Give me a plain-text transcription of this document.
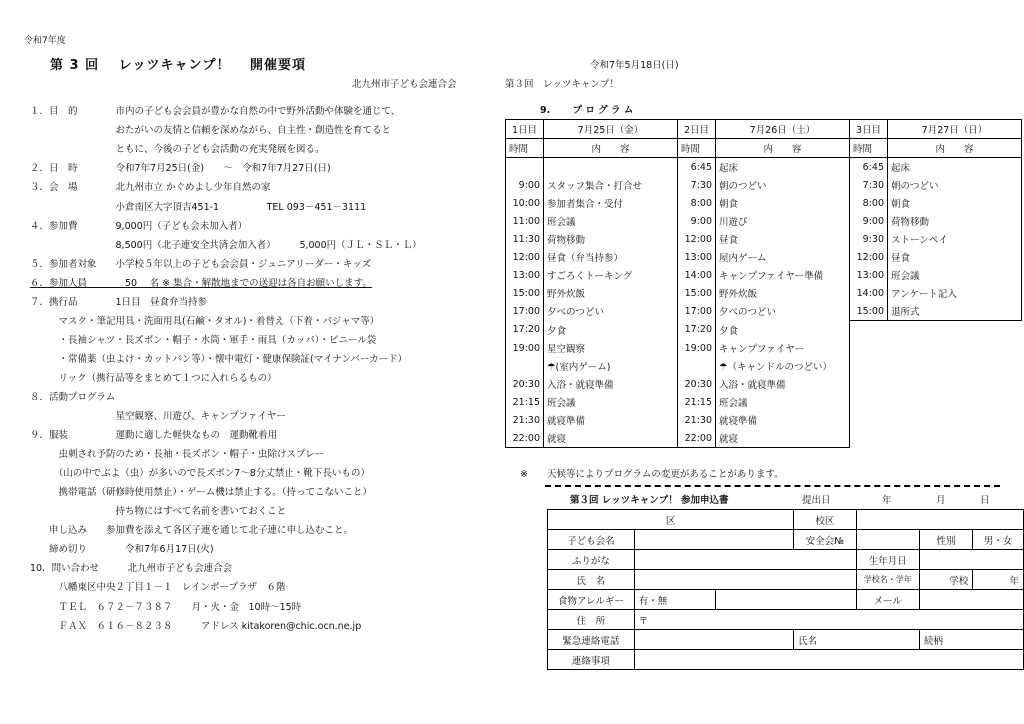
令和7年度
第 3 回　 レッツキャンプ！　 開催要項	令和7年5月18日(日)
北九州市子ども会連合会	第３回　レッツキャンプ！
１．目　的　　　　市内の子ども会会員が豊かな自然の中で野外活動や体験を通じて、
　　　　　　　　　おたがいの友情と信頼を深めながら、自主性・創造性を育てると
　　　　　　　　　ともに、今後の子ども会活動の充実発展を図る。
２．日　時　　　　令和7年7月25日(金)　　～　令和7年7月27日(日)
３．会　場　　　　北九州市立 かぐめよし少年自然の家
　　　　　　　　　小倉南区大字頂吉451-1　　　　　TEL 093－451－3111
４．参加費　　　　9,000円（子ども会未加入者）
　　　　　　　　　8,500円（北子連安全共済会加入者）　　　5,000円（ＪＬ・ＳＬ・Ｌ）
５．参加者対象　　小学校５年以上の子ども会会員・ジュニアリーダー・キッズ
６．参加人員　　　　50　 名 ※ 集合・解散地までの送迎は各自お願いします。
７．携行品　　　　1日目　昼食弁当持参
　　　マスク・筆記用具・洗面用具(石鹸・タオル)・着替え（下着・パジャマ等）
　　　・長袖シャツ・長ズボン・帽子・水筒・軍手・雨具（カッパ）・ビニール袋
　　　・常備薬（虫よけ・カットバン等）・懐中電灯・健康保険証(マイナンバーカード）
　　　リック（携行品等をまとめて１つに入れらるもの）
８．活動プログラム
　　　　　　　　　星空観察、川遊び、キャンプファイヤー
９．服装　　　　　運動に適した軽快なもの　運動靴着用
　　　虫刺され予防のため・長袖・長ズボン・帽子・虫除けスプレー
　　　（山の中でぶよ（虫）が多いので長ズボン7～8分丈禁止・靴下長いもの）
　　　携帯電話（研修時使用禁止）・ゲーム機は禁止する。（持ってこないこと）
　　　　　　　　　持ち物にはすべて名前を書いておくこと
　　申し込み　　参加費を添えて各区子連を通じて北子連に申し込むこと。
　　締め切り　　　　令和7年6月17日(火)
10．問い合わせ　　　北九州市子ども会連合会
　　　八幡東区中央２丁目１－１　レインボープラザ　６階
　　　ＴＥＬ　６７２－７３８７　　月・火・金　10時～15時
　　　ＦＡＸ　６１６－８２３８　　　アドレス kitakoren@chic.ocn.ne.jp
9.　　 プ ロ グ ラ ム
1日目	7月25日（金）	2日目	7月26日（土）	3日目	7月27日（日）
時間	内　　容	時間	内　　容	時間	内　　容
		6:45	起床	6:45	起床
9:00	スタッフ集合・打合せ	7:30	朝のつどい	7:30	朝のつどい
10:00	参加者集合・受付	8:00	朝食	8:00	朝食
11:00	班会議	9:00	川遊び	9:00	荷物移動
11:30	荷物移動	12:00	昼食	9:30	ストーンペイ
12:00	昼食（弁当持参）	13:00	屋内ゲーム	12:00	昼食
13:00	すごろくトーキング	14:00	キャンプファイヤー準備	13:00	班会議
15:00	野外炊飯	15:00	野外炊飯	14:00	アンケート記入
17:00	夕べのつどい	17:00	夕べのつどい	15:00	退所式
17:20	夕食	17:20	夕食		
19:00	星空観察	19:00	キャンプファイヤー		
	☂(室内ゲーム)		☂（キャンドルのつどい）		
20:30	入浴・就寝準備	20:30	入浴・就寝準備		
21:15	班会議	21:15	班会議		
21:30	就寝準備	21:30	就寝準備		
22:00	就寝	22:00	就寝		
※　　天候等によりプログラムの変更があることがあります。
第３回 レッツキャンプ！ 参加申込書	提出日	年	月	日
区			校区			
子ども会名			安全会№		性別	男・女
ふりがな				生年月日		
氏　名				学校名・学年	学校	年
食物アレルギー	有・無			メール		
住　所	〒					
緊急連絡電話			氏名		続柄	
連絡事項						
